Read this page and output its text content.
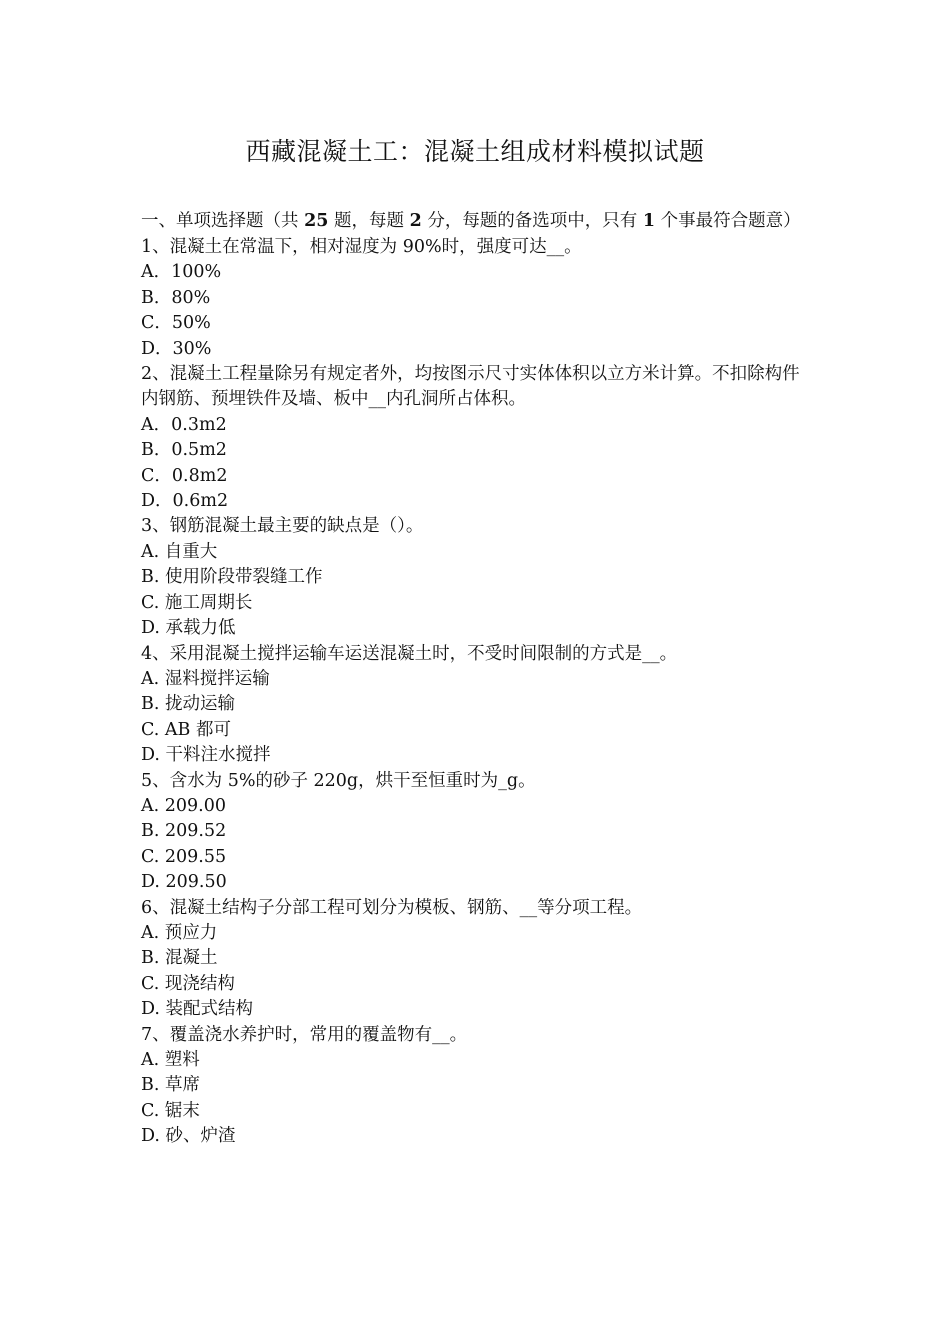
西藏混凝土工：混凝土组成材料模拟试题

一、单项选择题（共 25 题，每题 2 分，每题的备选项中，只有 1 个事最符合题意）

1、混凝土在常温下，相对湿度为 90%时，强度可达__。

A．100%

B．80%

C．50%

D．30%

2、混凝土工程量除另有规定者外，均按图示尺寸实体体积以立方米计算。不扣除构件内钢筋、预埋铁件及墙、板中__内孔洞所占体积。

A．0.3m2

B．0.5m2

C．0.8m2

D．0.6m2

3、钢筋混凝土最主要的缺点是（）。

A. 自重大

B. 使用阶段带裂缝工作

C. 施工周期长

D. 承载力低

4、采用混凝土搅拌运输车运送混凝土时，不受时间限制的方式是__。

A. 湿料搅拌运输

B. 拢动运输

C. AB 都可

D. 干料注水搅拌

5、含水为 5%的砂子 220g，烘干至恒重时为_g。

A. 209.00

B. 209.52

C. 209.55

D. 209.50

6、混凝土结构子分部工程可划分为模板、钢筋、__等分项工程。

A. 预应力

B. 混凝土

C. 现浇结构

D. 装配式结构

7、覆盖浇水养护时，常用的覆盖物有__。

A. 塑料

B. 草席

C. 锯末

D. 砂、炉渣
